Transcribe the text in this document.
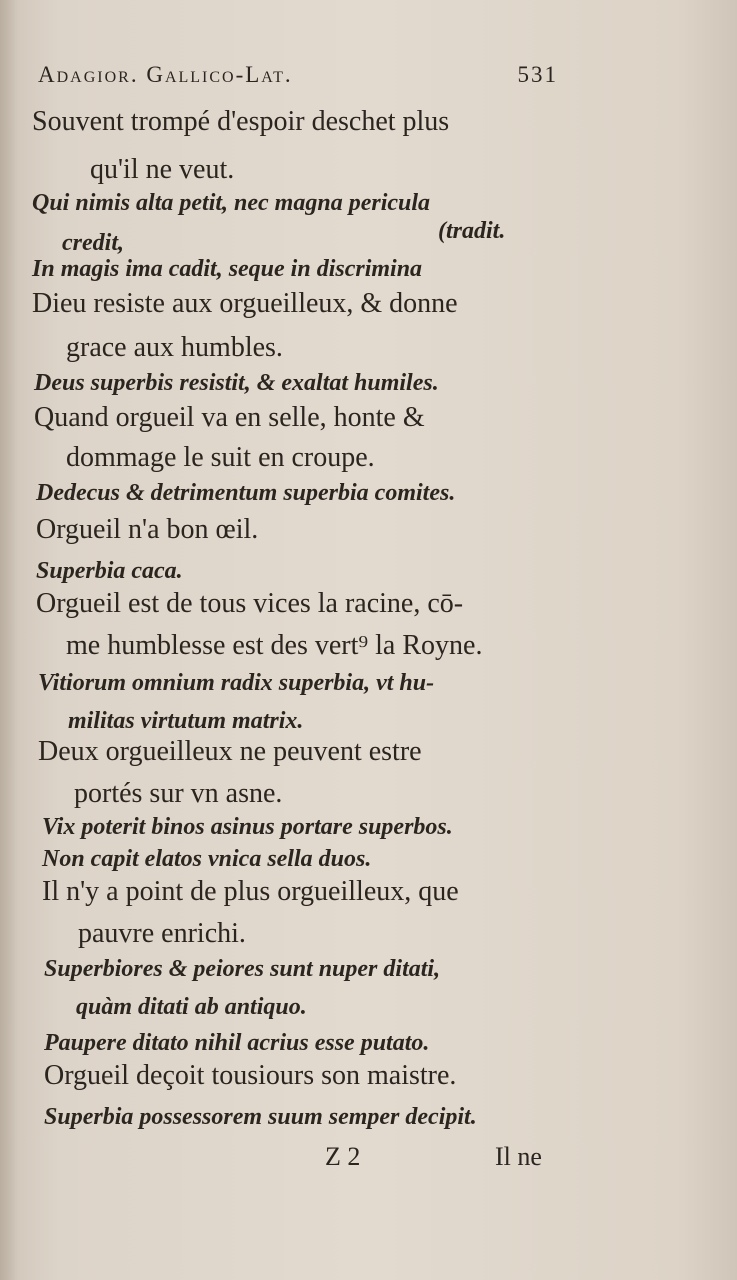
Adagior. Gallico-Lat.	531
Souvent trompé d'espoir deschet plus
qu'il ne veut.
Qui nimis alta petit, nec magna pericula
credit,	(tradit.
In magis ima cadit, seque in discrimina
Dieu resiste aux orgueilleux, & donne
grace aux humbles.
Deus superbis resistit, & exaltat humiles.
Quand orgueil va en selle, honte &
dommage le suit en croupe.
Dedecus & detrimentum superbia comites.
Orgueil n'a bon œil.
Superbia caca.
Orgueil est de tous vices la racine, cō-
me humblesse est des vert⁹ la Royne.
Vitiorum omnium radix superbia, vt hu-
militas virtutum matrix.
Deux orgueilleux ne peuvent estre
portés sur vn asne.
Vix poterit binos asinus portare superbos.
Non capit elatos vnica sella duos.
Il n'y a point de plus orgueilleux, que
pauvre enrichi.
Superbiores & peiores sunt nuper ditati,
quàm ditati ab antiquo.
Paupere ditato nihil acrius esse putato.
Orgueil deçoit tousiours son maistre.
Superbia possessorem suum semper decipit.
Z 2	Il ne
